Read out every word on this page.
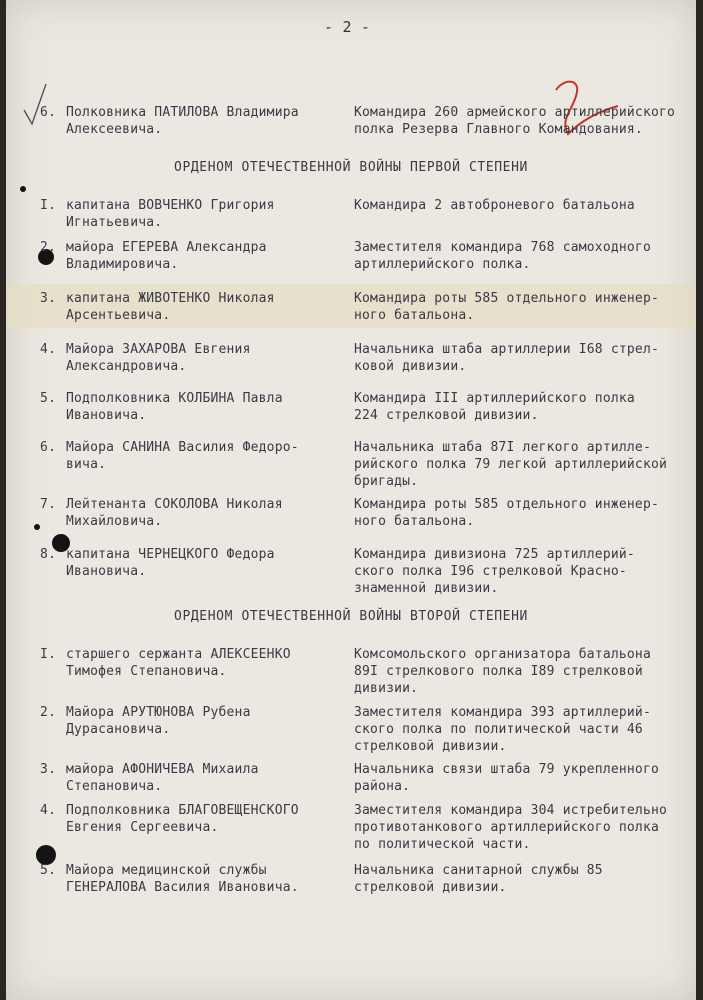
- 2 -
6. Полковника ПАТИЛОВА Владимира
Алексеевича.
Командира 260 армейского артиллерийского
полка Резерва Главного Командования.
ОРДЕНОМ ОТЕЧЕСТВЕННОЙ ВОЙНЫ ПЕРВОЙ СТЕПЕНИ
I. капитана ВОВЧЕНКО Григория
Игнатьевича.
Командира 2 автоброневого батальона
2. майора ЕГЕРЕВА Александра
Владимировича.
Заместителя командира 768 самоходного
артиллерийского полка.
3. капитана ЖИВОТЕНКО Николая
Арсентьевича.
Командира роты 585 отдельного инженер-
ного батальона.
4. Майора ЗАХАРОВА Евгения
Александровича.
Начальника штаба артиллерии I68 стрел-
ковой дивизии.
5. Подполковника КОЛБИНА Павла
Ивановича.
Командира III артиллерийского полка
224 стрелковой дивизии.
6. Майора САНИНА Василия Федоро-
вича.
Начальника штаба 87I легкого артилле-
рийского полка 79 легкой артиллерийской
бригады.
7. Лейтенанта СОКОЛОВА Николая
Михайловича.
Командира роты 585 отдельного инженер-
ного батальона.
8. капитана ЧЕРНЕЦКОГО Федора
Ивановича.
Командира дивизиона 725 артиллерий-
ского полка I96 стрелковой Красно-
знаменной дивизии.
ОРДЕНОМ ОТЕЧЕСТВЕННОЙ ВОЙНЫ ВТОРОЙ СТЕПЕНИ
I. старшего сержанта АЛЕКСЕЕНКО
Тимофея Степановича.
Комсомольского организатора батальона
89I стрелкового полка I89 стрелковой
дивизии.
2. Майора АРУТЮНОВА Рубена
Дурасановича.
Заместителя командира 393 артиллерий-
ского полка по политической части 46
стрелковой дивизии.
3. майора АФОНИЧЕВА Михаила
Степановича.
Начальника связи штаба 79 укрепленного
района.
4. Подполковника БЛАГОВЕЩЕНСКОГО
Евгения Сергеевича.
Заместителя командира 304 истребительно
противотанкового артиллерийского полка
по политической части.
5. Майора медицинской службы
ГЕНЕРАЛОВА Василия Ивановича.
Начальника санитарной службы 85
стрелковой дивизии.
